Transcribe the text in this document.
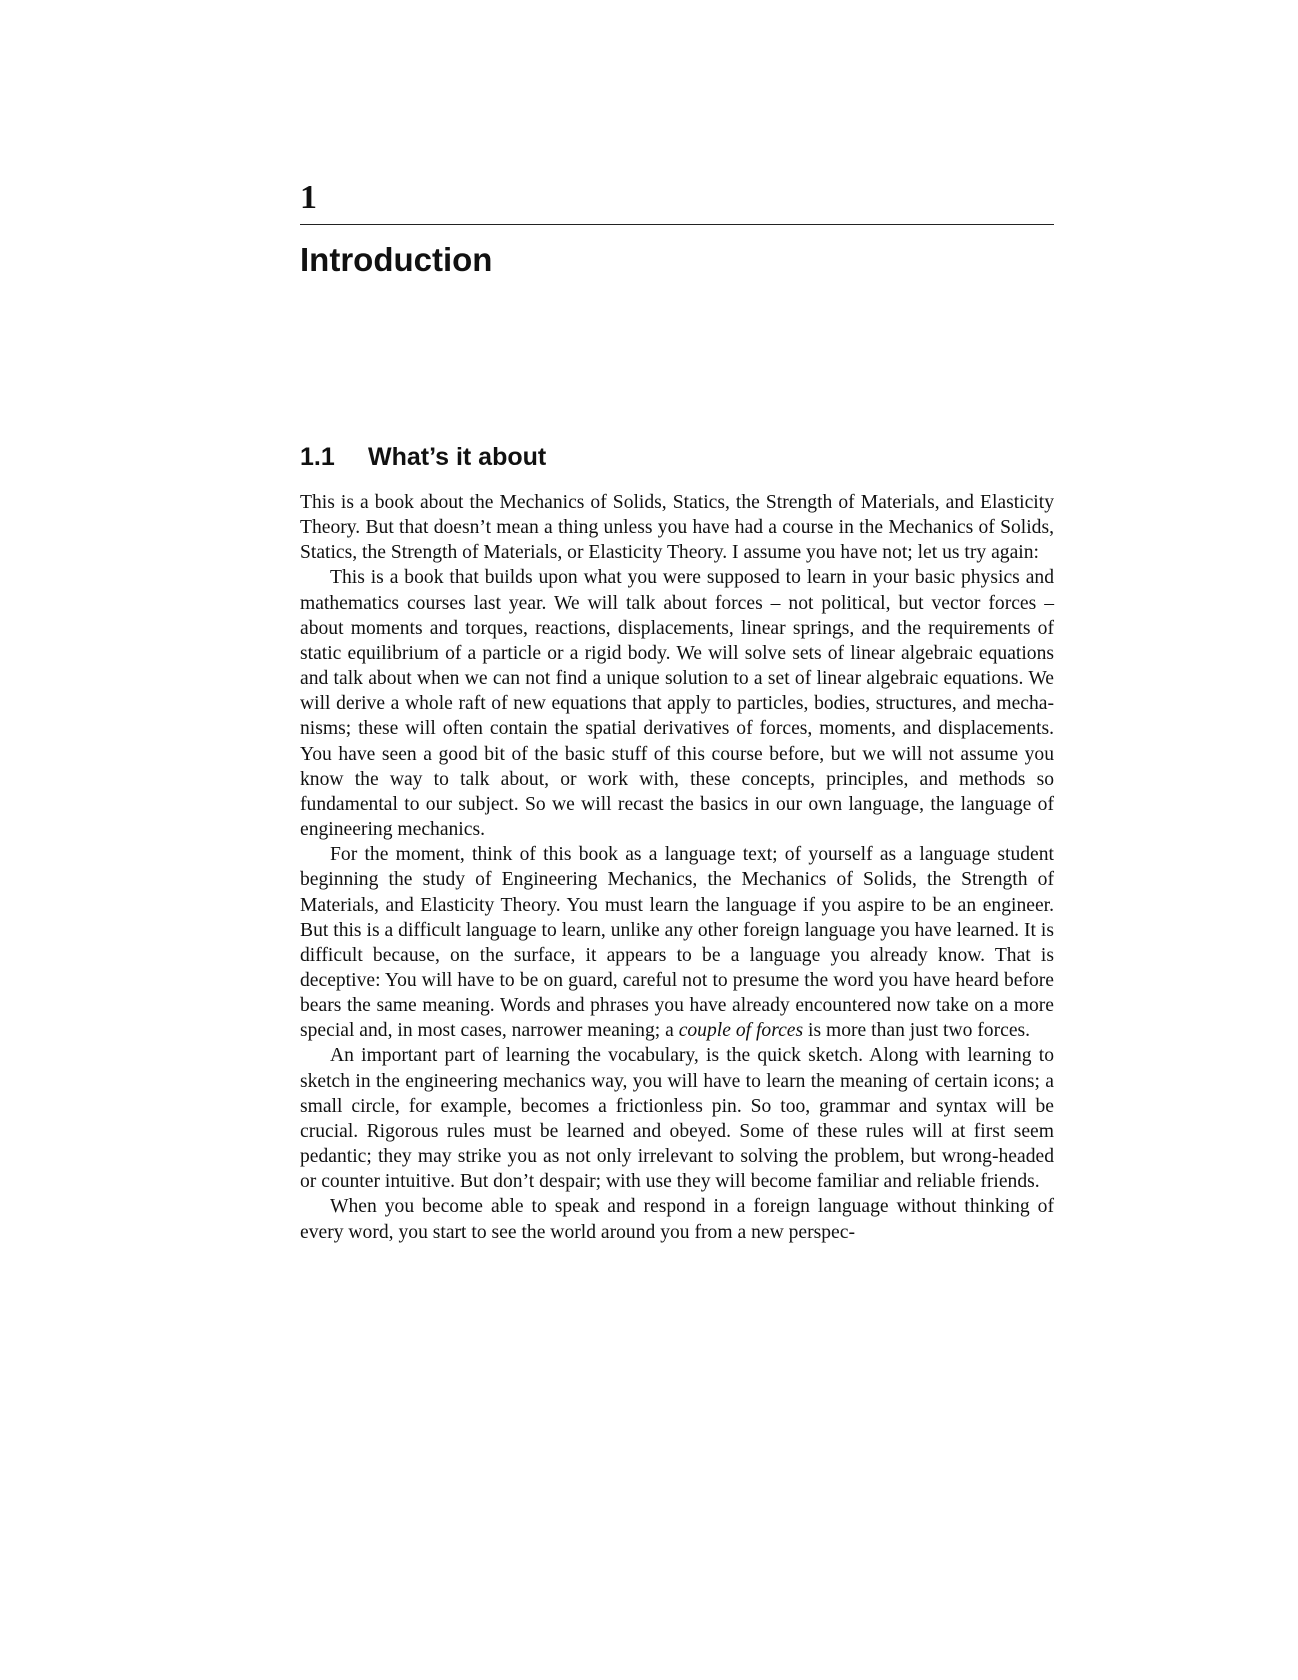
1
Introduction
1.1 What’s it about

This is a book about the Mechanics of Solids, Statics, the Strength of Materials, and Elasticity Theory. But that doesn’t mean a thing unless you have had a course in the Mechanics of Solids, Statics, the Strength of Materials, or Elasticity Theory. I assume you have not; let us try again:

This is a book that builds upon what you were supposed to learn in your basic physics and mathematics courses last year. We will talk about forces – not political, but vector forces – about moments and torques, reactions, displacements, linear springs, and the requirements of static equilibrium of a particle or a rigid body. We will solve sets of linear algebraic equations and talk about when we can not find a unique solution to a set of linear algebraic equations. We will derive a whole raft of new equations that apply to particles, bodies, structures, and mechanisms; these will often contain the spatial derivatives of forces, moments, and displacements. You have seen a good bit of the basic stuff of this course before, but we will not assume you know the way to talk about, or work with, these concepts, principles, and methods so fundamental to our subject. So we will recast the basics in our own language, the language of engineering mechanics.

For the moment, think of this book as a language text; of yourself as a language student beginning the study of Engineering Mechanics, the Mechanics of Solids, the Strength of Materials, and Elasticity Theory. You must learn the language if you aspire to be an engineer. But this is a difficult language to learn, unlike any other foreign language you have learned. It is difficult because, on the surface, it appears to be a language you already know. That is deceptive: You will have to be on guard, careful not to presume the word you have heard before bears the same meaning. Words and phrases you have already encountered now take on a more special and, in most cases, narrower meaning; a couple of forces is more than just two forces.

An important part of learning the vocabulary, is the quick sketch. Along with learning to sketch in the engineering mechanics way, you will have to learn the meaning of certain icons; a small circle, for example, becomes a frictionless pin. So too, grammar and syntax will be crucial. Rigorous rules must be learned and obeyed. Some of these rules will at first seem pedantic; they may strike you as not only irrelevant to solving the problem, but wrong-headed or counter intuitive. But don’t despair; with use they will become familiar and reliable friends.

When you become able to speak and respond in a foreign language without thinking of every word, you start to see the world around you from a new perspec-
